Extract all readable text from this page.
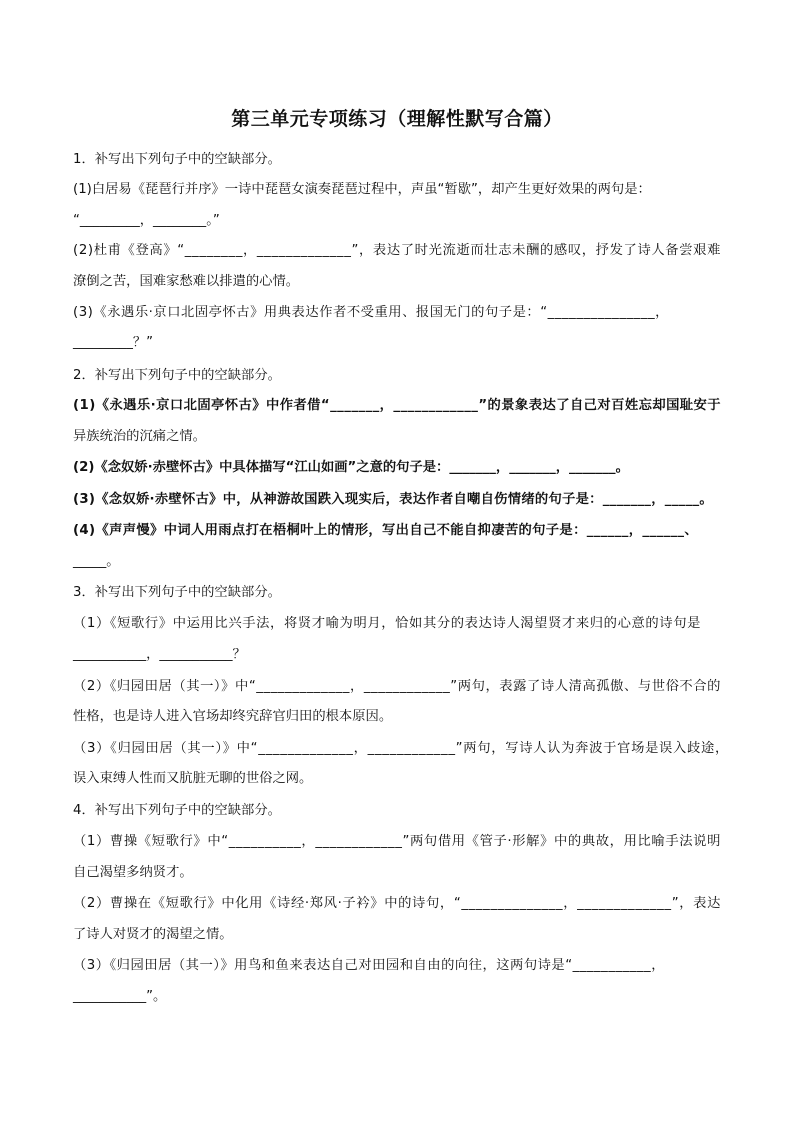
第三单元专项练习（理解性默写合篇）
1．补写出下列句子中的空缺部分。
(1)白居易《琵琶行并序》一诗中琵琶女演奏琵琶过程中，声虽“暂歇”，却产生更好效果的两句是：
“_________，________。”
(2)杜甫《登高》“________，_____________”，表达了时光流逝而壮志未酬的感叹，抒发了诗人备尝艰难
潦倒之苦，国难家愁难以排遣的心情。
(3)《永遇乐·京口北固亭怀古》用典表达作者不受重用、报国无门的句子是：“_______________，
_________？”
2．补写出下列句子中的空缺部分。
(1)《永遇乐·京口北固亭怀古》中作者借“_______，____________”的景象表达了自己对百姓忘却国耻安于
异族统治的沉痛之情。
(2)《念奴娇·赤壁怀古》中具体描写“江山如画”之意的句子是：_______，_______，_______。
(3)《念奴娇·赤壁怀古》中，从神游故国跌入现实后，表达作者自嘲自伤情绪的句子是：_______，_____。
(4)《声声慢》中词人用雨点打在梧桐叶上的情形，写出自己不能自抑凄苦的句子是：______，______、
_____。
3．补写出下列句子中的空缺部分。
（1）《短歌行》中运用比兴手法，将贤才喻为明月，恰如其分的表达诗人渴望贤才来归的心意的诗句是
___________，___________？
（2）《归园田居（其一）》中“_____________，____________”两句，表露了诗人清高孤傲、与世俗不合的
性格，也是诗人进入官场却终究辞官归田的根本原因。
（3）《归园田居（其一）》中“_____________，____________”两句，写诗人认为奔波于官场是误入歧途，
误入束缚人性而又肮脏无聊的世俗之网。
4．补写出下列句子中的空缺部分。
（1）曹操《短歌行》中“__________，____________”两句借用《管子·形解》中的典故，用比喻手法说明
自己渴望多纳贤才。
（2）曹操在《短歌行》中化用《诗经·郑风·子衿》中的诗句，“______________，_____________”，表达
了诗人对贤才的渴望之情。
（3）《归园田居（其一）》用鸟和鱼来表达自己对田园和自由的向往，这两句诗是“___________，
___________”。
